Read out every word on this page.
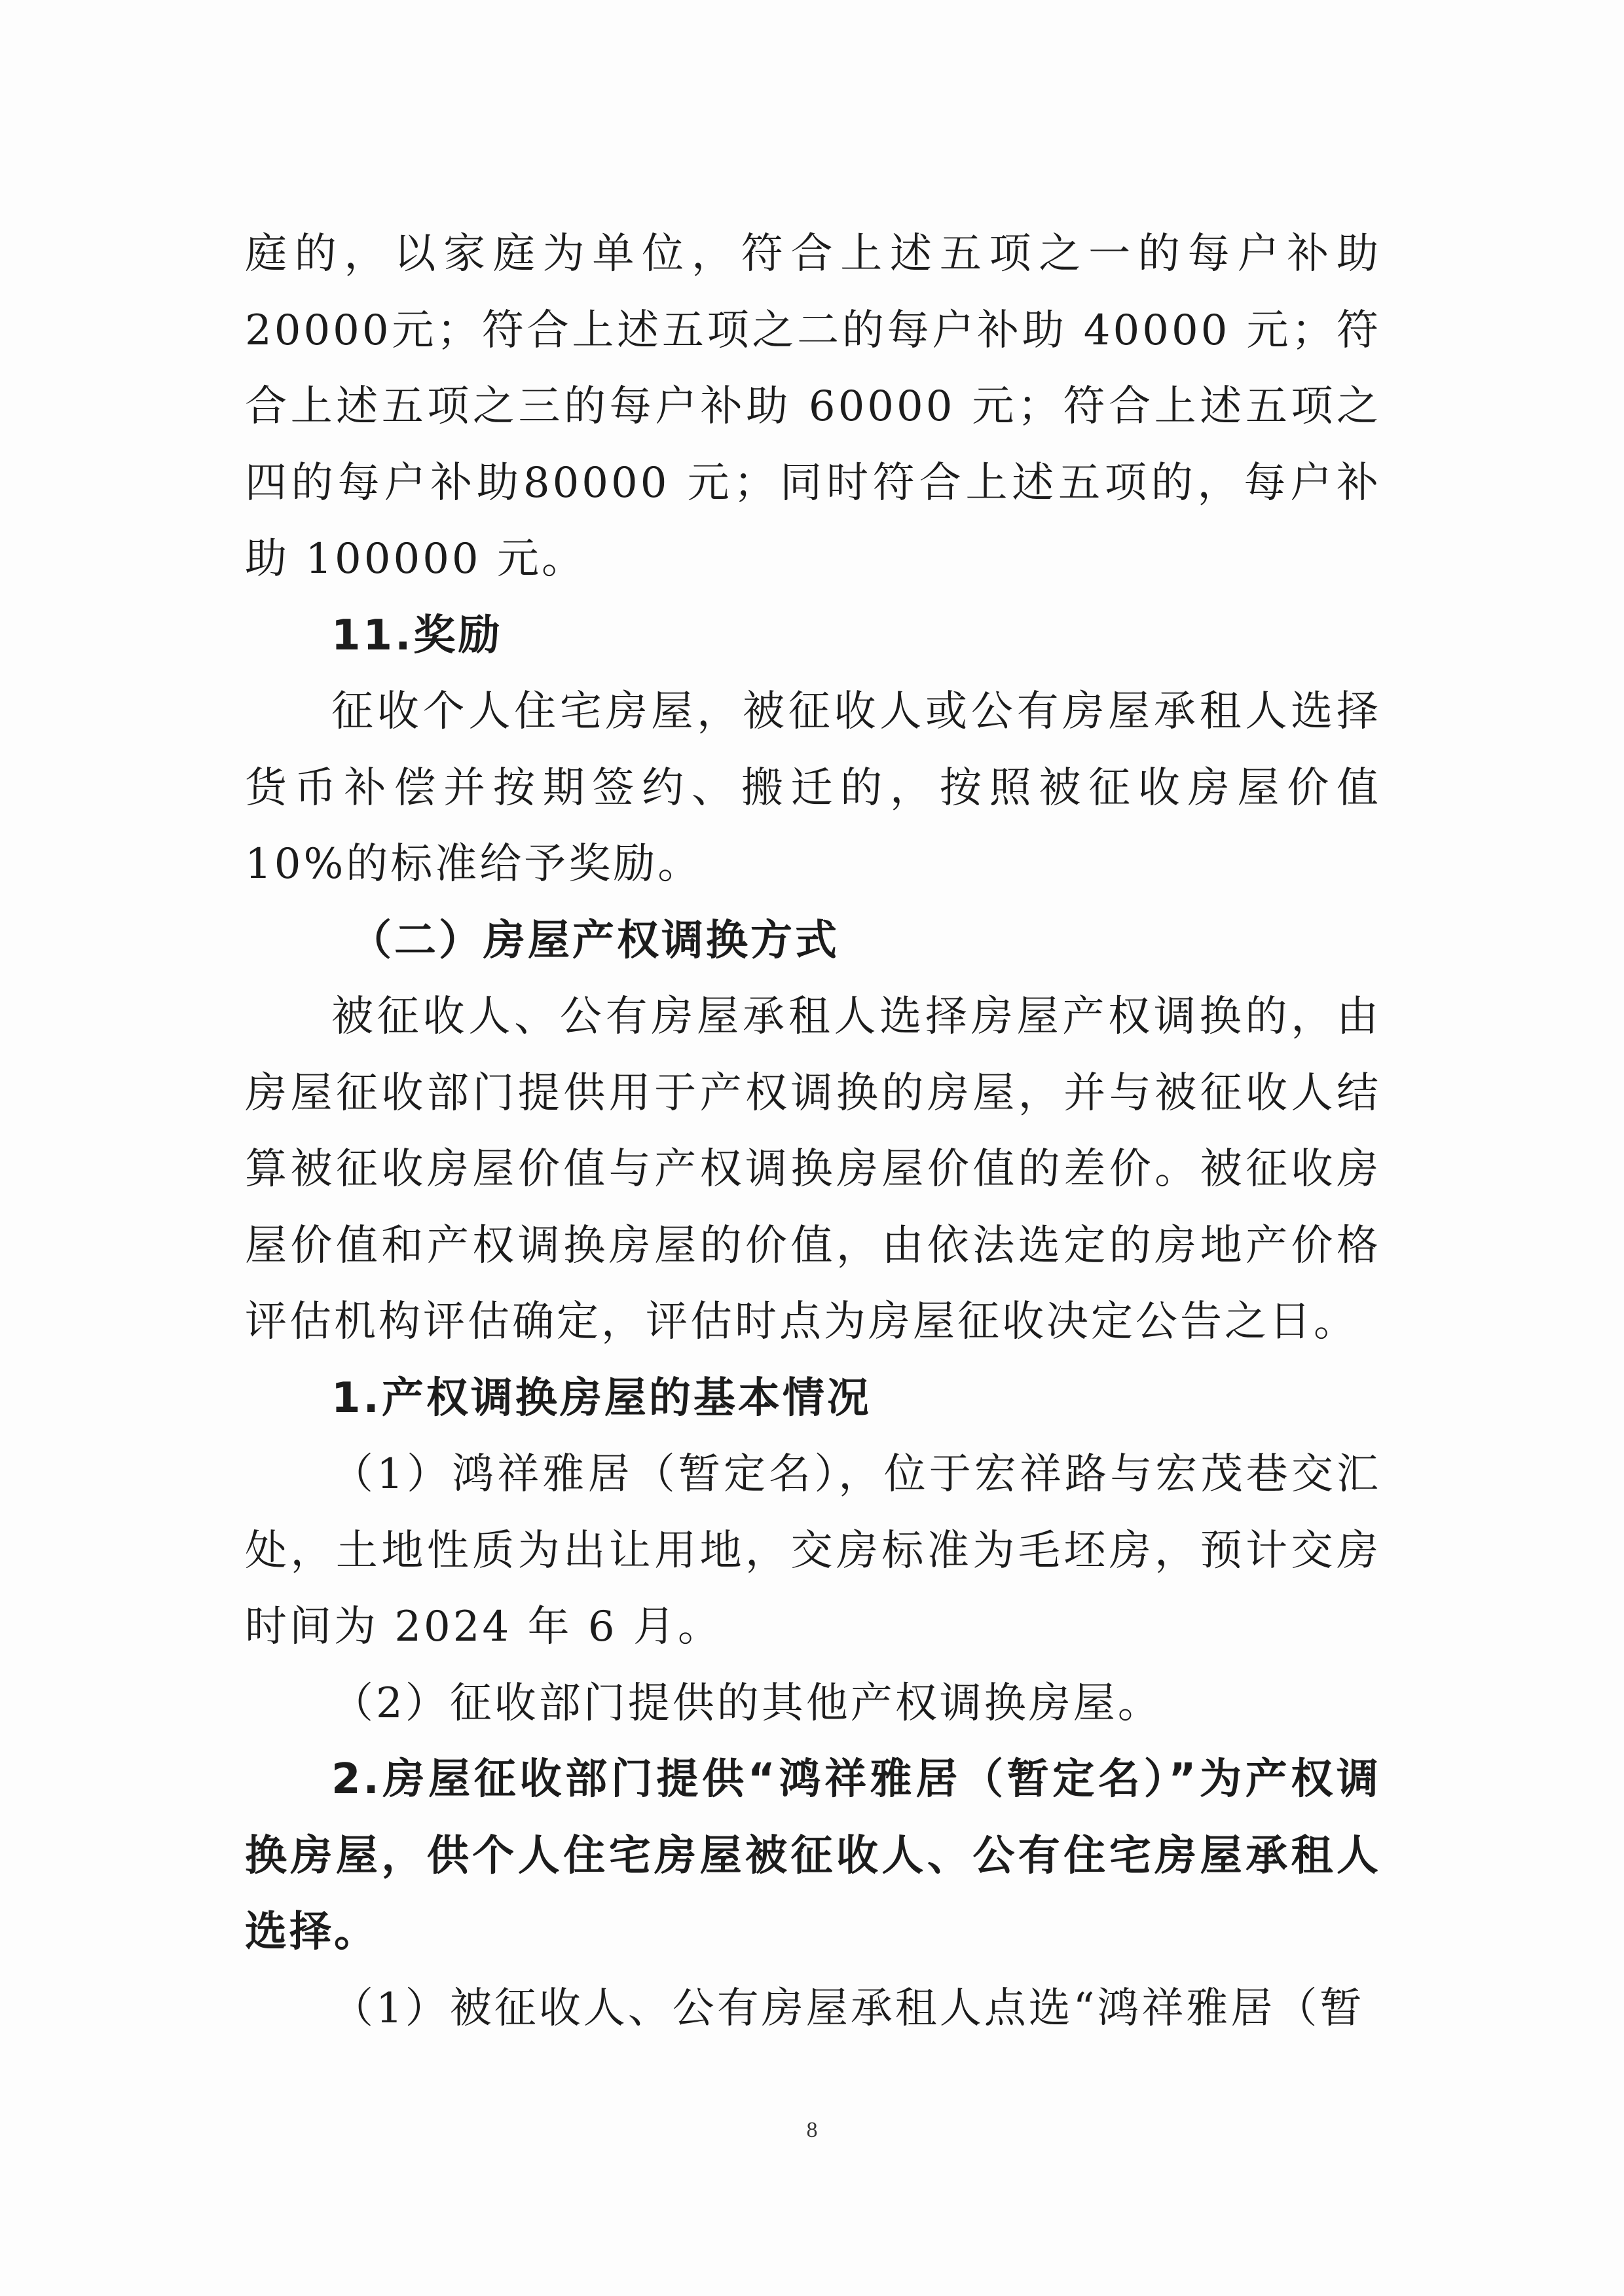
庭的，以家庭为单位，符合上述五项之一的每户补助 20000元；符合上述五项之二的每户补助 40000 元；符合上述五项之三的每户补助 60000 元；符合上述五项之四的每户补助80000 元；同时符合上述五项的，每户补助 100000 元。

11.奖励

征收个人住宅房屋，被征收人或公有房屋承租人选择货币补偿并按期签约、搬迁的，按照被征收房屋价值 10%的标准给予奖励。

（二）房屋产权调换方式

被征收人、公有房屋承租人选择房屋产权调换的，由房屋征收部门提供用于产权调换的房屋，并与被征收人结算被征收房屋价值与产权调换房屋价值的差价。被征收房屋价值和产权调换房屋的价值，由依法选定的房地产价格评估机构评估确定，评估时点为房屋征收决定公告之日。

1.产权调换房屋的基本情况

（1）鸿祥雅居（暂定名），位于宏祥路与宏茂巷交汇处，土地性质为出让用地，交房标准为毛坯房，预计交房时间为 2024 年 6 月。

（2）征收部门提供的其他产权调换房屋。

2.房屋征收部门提供“鸿祥雅居（暂定名）”为产权调换房屋，供个人住宅房屋被征收人、公有住宅房屋承租人选择。

（1）被征收人、公有房屋承租人点选“鸿祥雅居（暂

8
